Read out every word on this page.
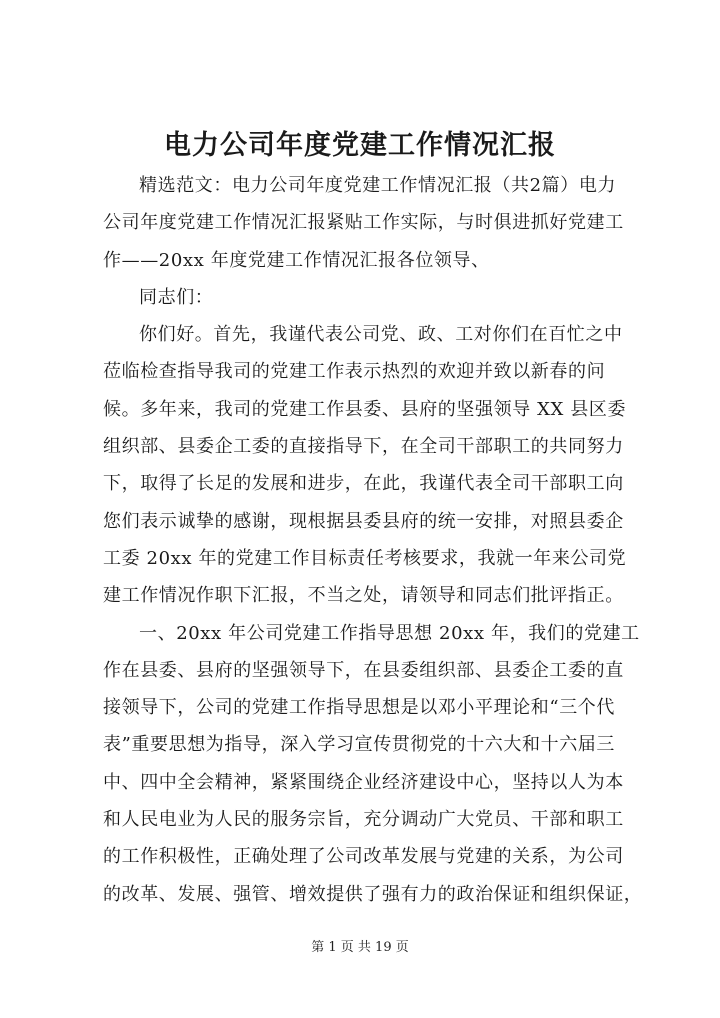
电力公司年度党建工作情况汇报
精选范文：电力公司年度党建工作情况汇报（共2篇）电力
公司年度党建工作情况汇报紧贴工作实际，与时俱进抓好党建工
作——20xx 年度党建工作情况汇报各位领导、
同志们：
你们好。首先，我谨代表公司党、政、工对你们在百忙之中
莅临检查指导我司的党建工作表示热烈的欢迎并致以新春的问
候。多年来，我司的党建工作县委、县府的坚强领导 XX 县区委
组织部、县委企工委的直接指导下，在全司干部职工的共同努力
下，取得了长足的发展和进步，在此，我谨代表全司干部职工向
您们表示诚挚的感谢，现根据县委县府的统一安排，对照县委企
工委 20xx 年的党建工作目标责任考核要求，我就一年来公司党
建工作情况作职下汇报，不当之处，请领导和同志们批评指正。
一、20xx 年公司党建工作指导思想 20xx 年，我们的党建工
作在县委、县府的坚强领导下，在县委组织部、县委企工委的直
接领导下，公司的党建工作指导思想是以邓小平理论和“三个代
表”重要思想为指导，深入学习宣传贯彻党的十六大和十六届三
中、四中全会精神，紧紧围绕企业经济建设中心，坚持以人为本
和人民电业为人民的服务宗旨，充分调动广大党员、干部和职工
的工作积极性，正确处理了公司改革发展与党建的关系，为公司
的改革、发展、强管、增效提供了强有力的政治保证和组织保证，
第 1 页 共 19 页
